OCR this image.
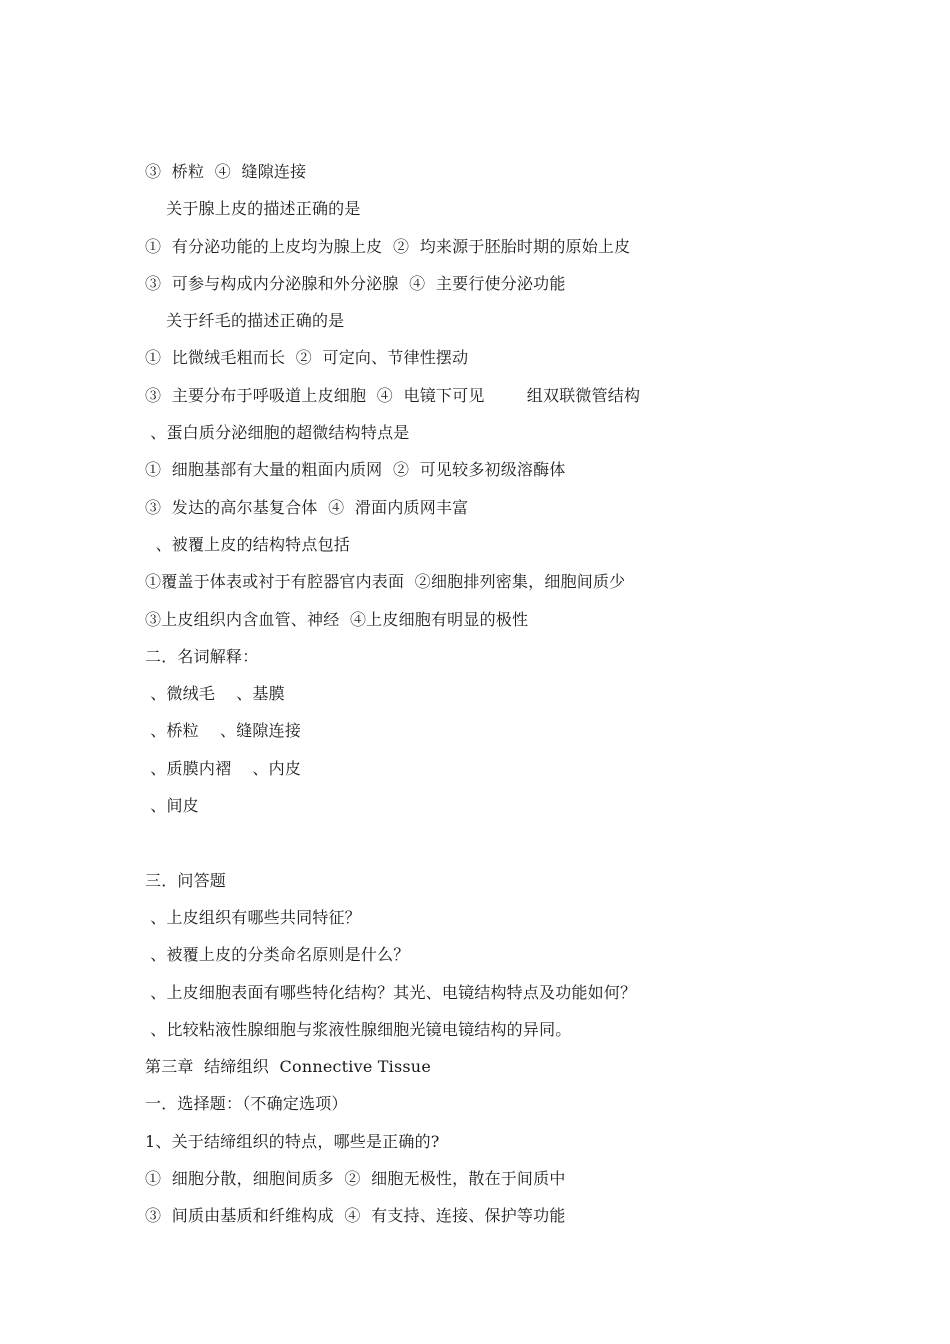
③  桥粒  ④  缝隙连接
关于腺上皮的描述正确的是
①  有分泌功能的上皮均为腺上皮  ②  均来源于胚胎时期的原始上皮
③  可参与构成内分泌腺和外分泌腺  ④  主要行使分泌功能
关于纤毛的描述正确的是
①  比微绒毛粗而长  ②  可定向、节律性摆动
③  主要分布于呼吸道上皮细胞  ④  电镜下可见        组双联微管结构
、蛋白质分泌细胞的超微结构特点是
①  细胞基部有大量的粗面内质网  ②  可见较多初级溶酶体
③  发达的高尔基复合体  ④  滑面内质网丰富
、被覆上皮的结构特点包括
①覆盖于体表或衬于有腔器官内表面  ②细胞排列密集，细胞间质少
③上皮组织内含血管、神经  ④上皮细胞有明显的极性
二．名词解释：
、微绒毛    、基膜
、桥粒    、缝隙连接
、质膜内褶    、内皮
、间皮
三．问答题
、上皮组织有哪些共同特征？
、被覆上皮的分类命名原则是什么？
、上皮细胞表面有哪些特化结构？其光、电镜结构特点及功能如何？
、比较粘液性腺细胞与浆液性腺细胞光镜电镜结构的异同。
第三章  结缔组织  Connective Tissue
一．选择题：（不确定选项）
1、关于结缔组织的特点，哪些是正确的?
①  细胞分散，细胞间质多  ②  细胞无极性，散在于间质中
③  间质由基质和纤维构成  ④  有支持、连接、保护等功能
